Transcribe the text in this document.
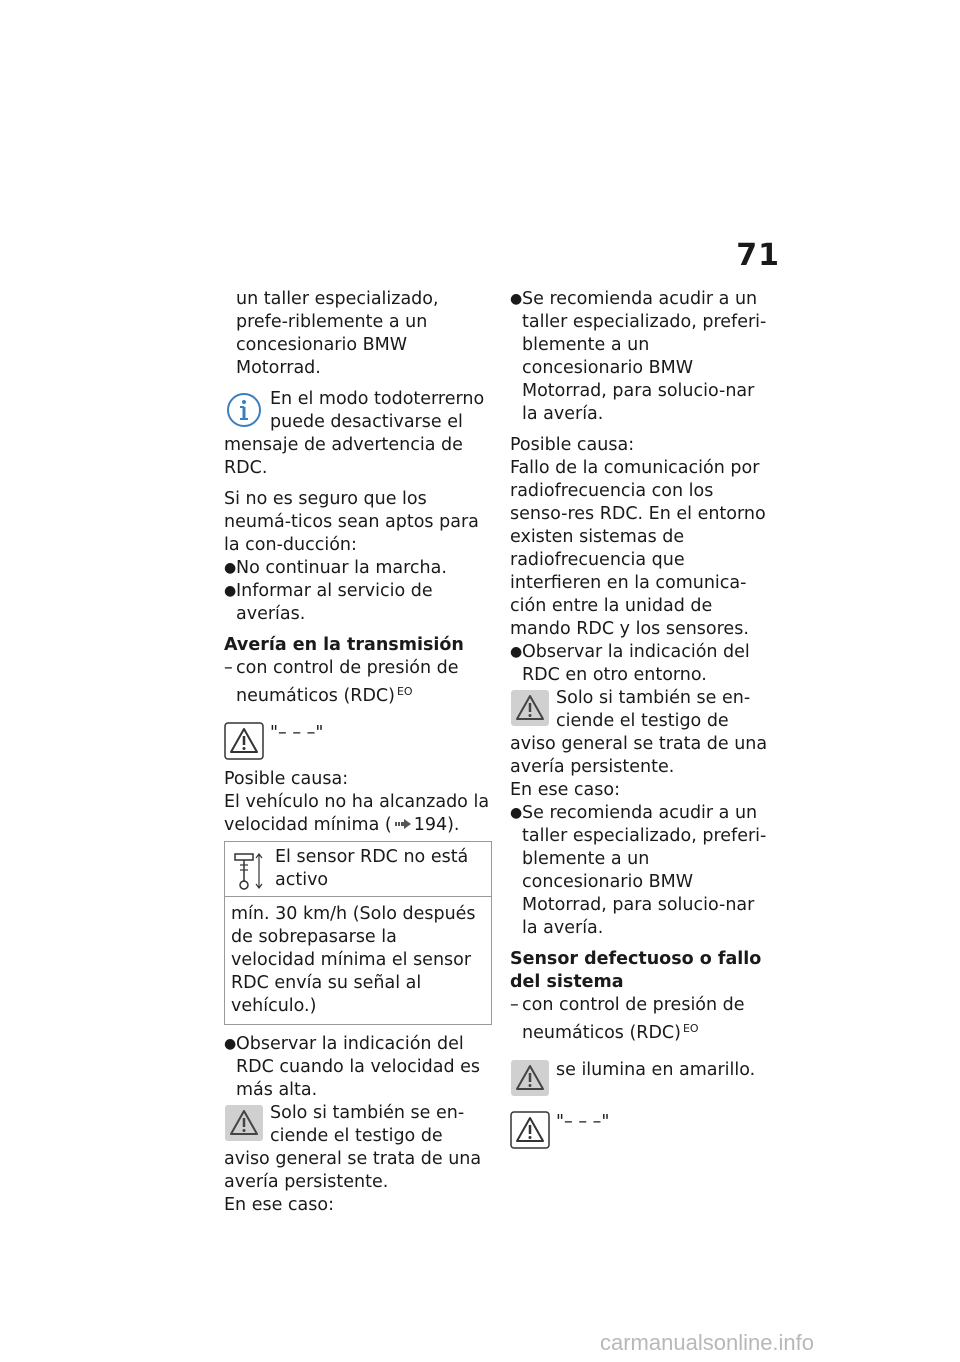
71

un taller especializado, prefe-riblemente a un concesionario BMW Motorrad.

En el modo todoterrerno puede desactivarse el mensaje de advertencia de RDC.

Si no es seguro que los neumá-ticos sean aptos para la con-ducción:

● No continuar la marcha.
● Informar al servicio de averías.

Avería en la transmisión

– con control de presión de neumáticos (RDC) $^{EO}$
"– – –"

Posible causa:

El vehículo no ha alcanzado la velocidad mínima ( 194).

El sensor RDC no está activo
mín. 30 km/h (Solo después de sobrepasarse la velocidad mínima el sensor RDC envía su señal al vehículo.)
● Observar la indicación del RDC cuando la velocidad es más alta.

Solo si también se en-ciende el testigo de aviso general se trata de una avería persistente.

En ese caso:

● Se recomienda acudir a un taller especializado, preferi-blemente a un concesionario BMW Motorrad, para solucio-nar la avería.

Posible causa:

Fallo de la comunicación por radiofrecuencia con los senso-res RDC. En el entorno existen sistemas de radiofrecuencia que interfieren en la comunica-ción entre la unidad de mando RDC y los sensores.

● Observar la indicación del RDC en otro entorno.

Solo si también se en-ciende el testigo de aviso general se trata de una avería persistente.

En ese caso:

● Se recomienda acudir a un taller especializado, preferi-blemente a un concesionario BMW Motorrad, para solucio-nar la avería.

Sensor defectuoso o fallo del sistema

– con control de presión de neumáticos (RDC) $^{EO}$
se ilumina en amarillo.
"– – –"
carmanualsonline.info
